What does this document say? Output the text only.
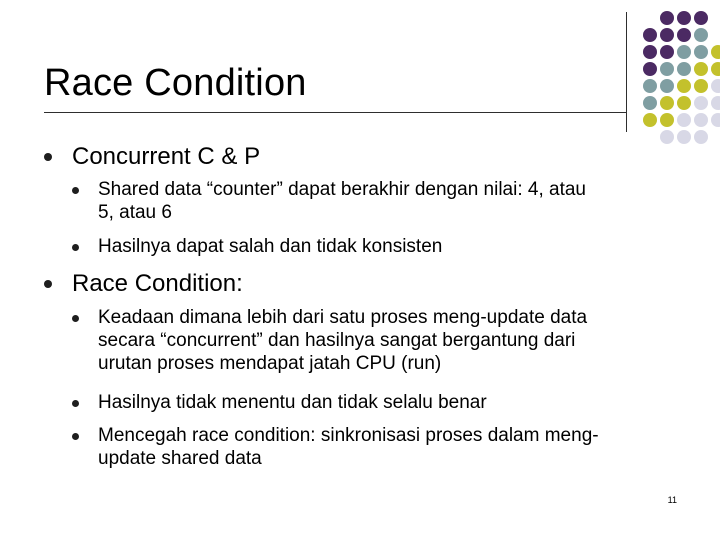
Race Condition
Concurrent C & P
Shared data “counter” dapat berakhir dengan nilai: 4, atau
5, atau 6
Hasilnya dapat salah dan tidak konsisten
Race Condition:
Keadaan dimana lebih dari satu proses meng-update data
secara “concurrent” dan hasilnya sangat bergantung dari
urutan proses mendapat jatah CPU (run)
Hasilnya tidak menentu dan tidak selalu benar
Mencegah race condition: sinkronisasi proses dalam meng-
update shared data
11
